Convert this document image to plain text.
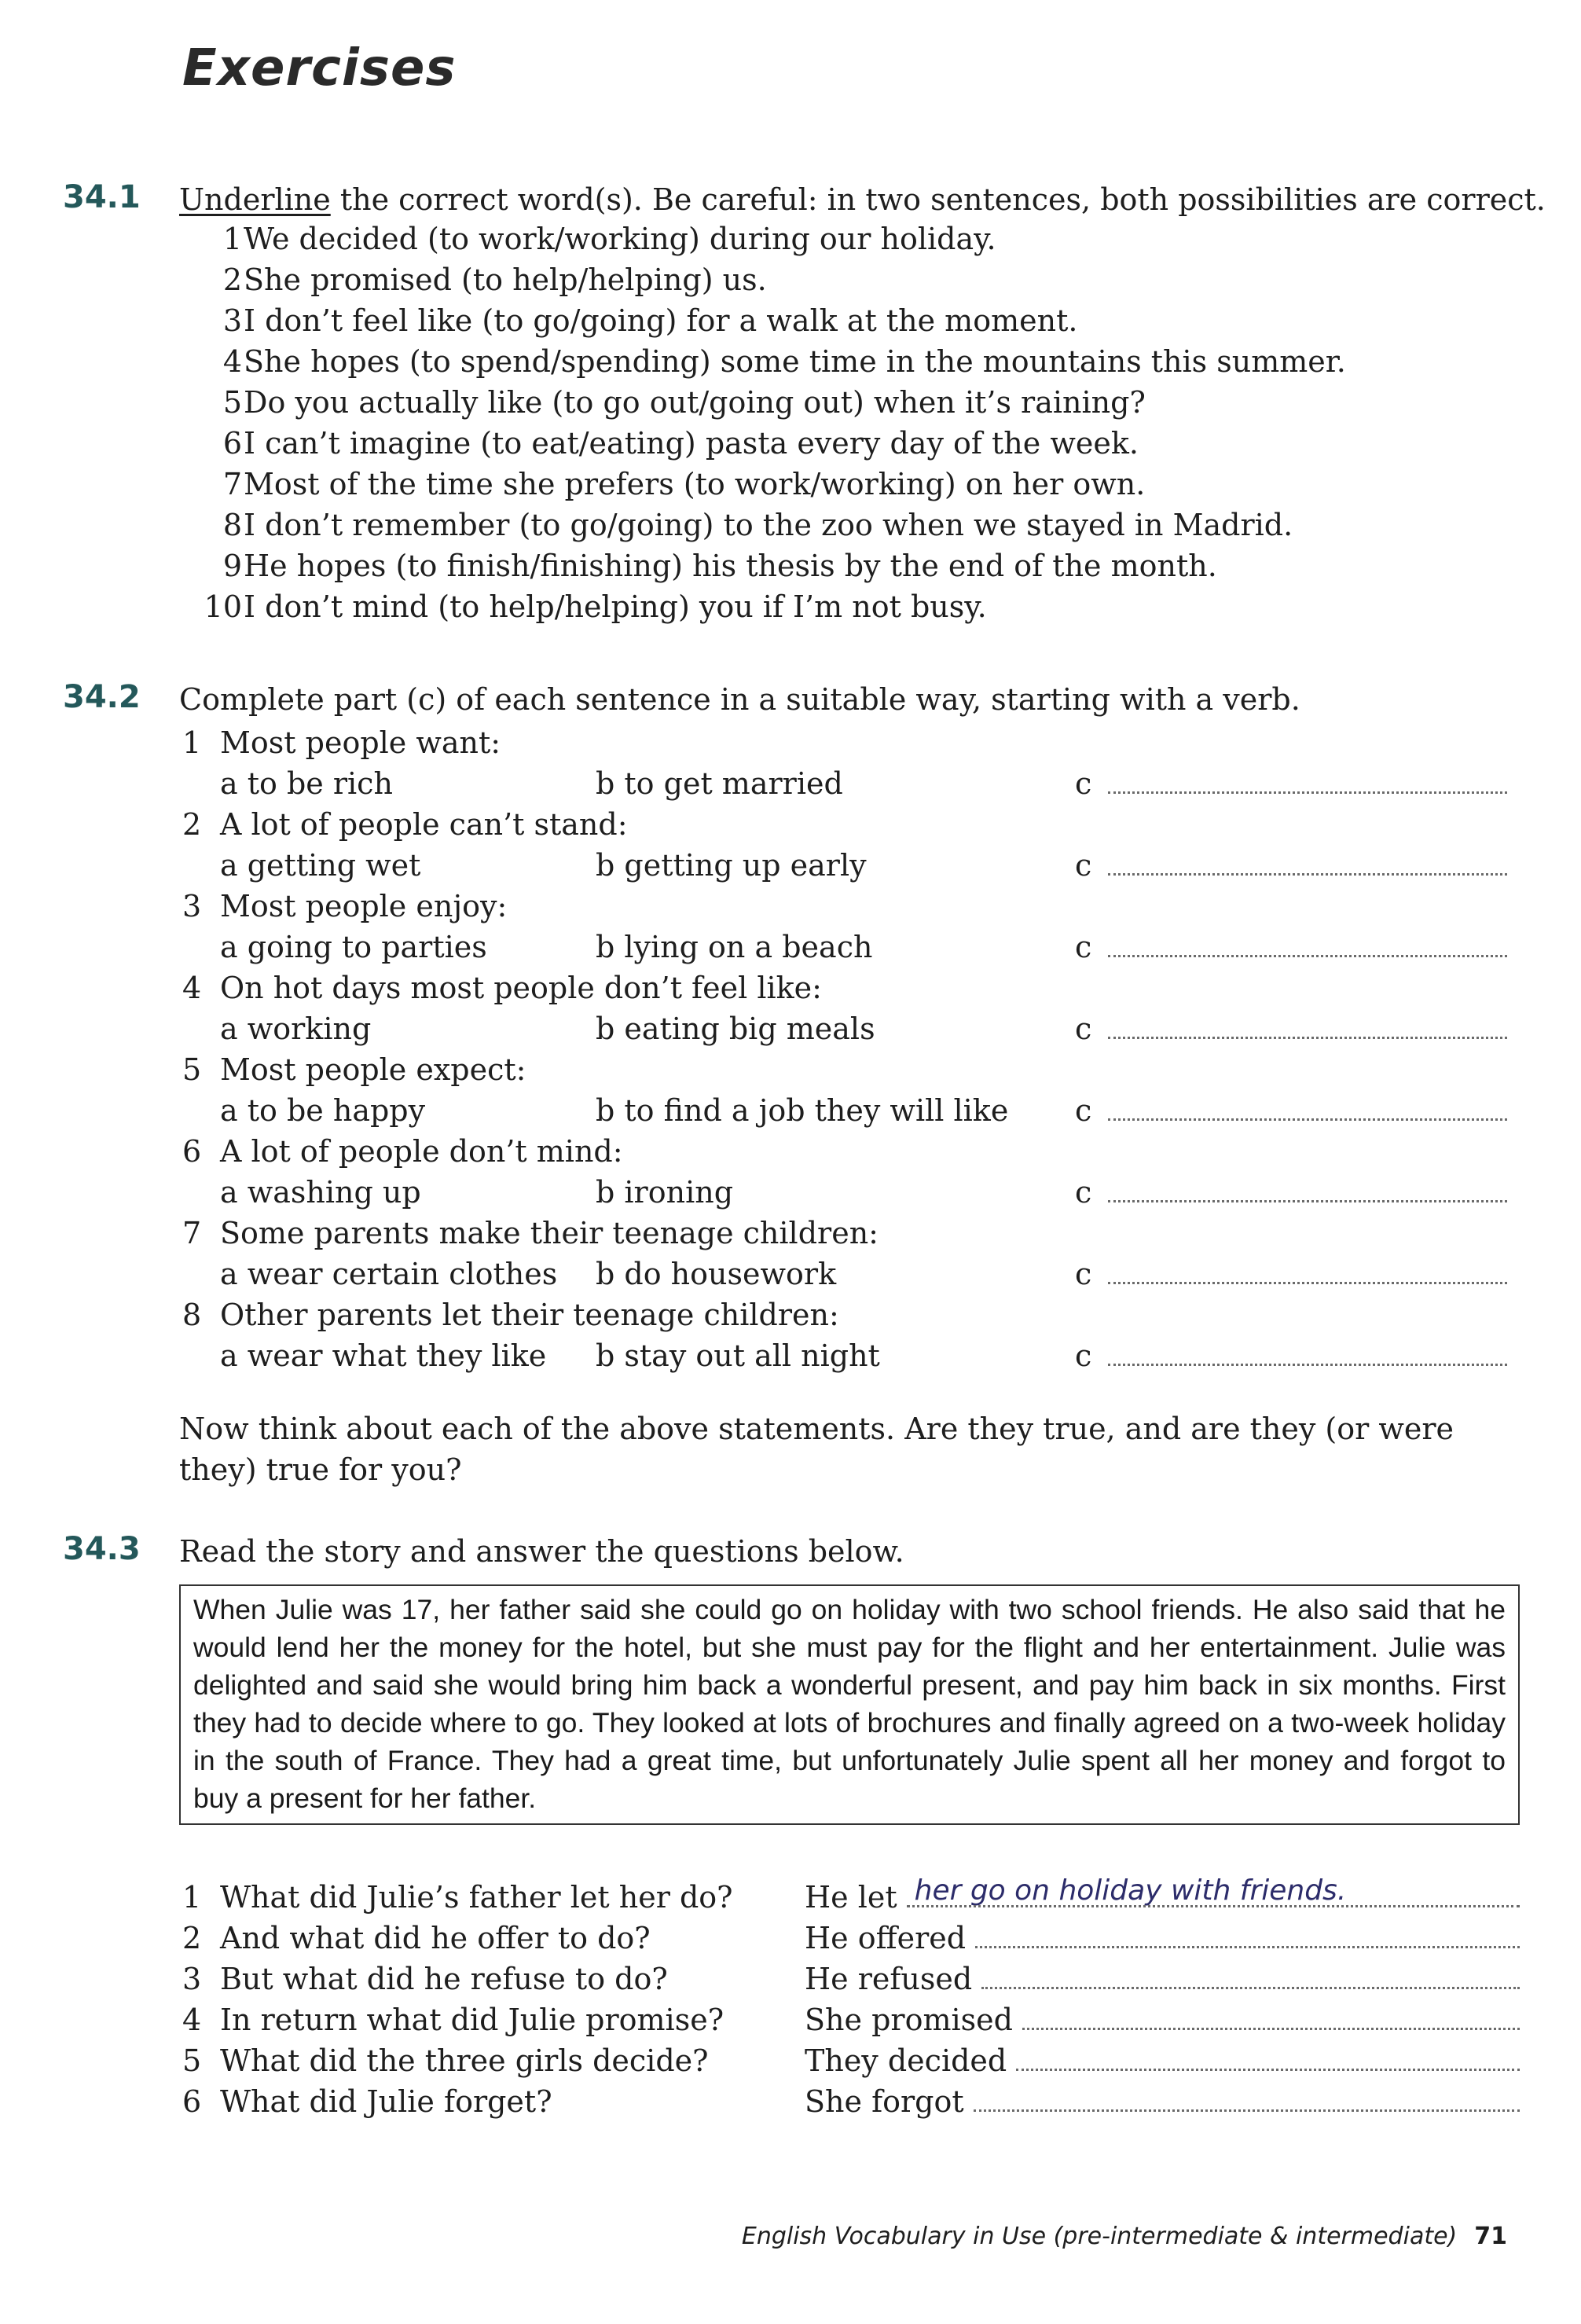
Exercises
34.1 Underline the correct word(s). Be careful: in two sentences, both possibilities are correct.
1 We decided (to work/working) during our holiday.
2 She promised (to help/helping) us.
3 I don’t feel like (to go/going) for a walk at the moment.
4 She hopes (to spend/spending) some time in the mountains this summer.
5 Do you actually like (to go out/going out) when it’s raining?
6 I can’t imagine (to eat/eating) pasta every day of the week.
7 Most of the time she prefers (to work/working) on her own.
8 I don’t remember (to go/going) to the zoo when we stayed in Madrid.
9 He hopes (to finish/finishing) his thesis by the end of the month.
10 I don’t mind (to help/helping) you if I’m not busy.
34.2 Complete part (c) of each sentence in a suitable way, starting with a verb.
1 Most people want:
a to be rich	b to get married	c
2 A lot of people can’t stand:
a getting wet	b getting up early	c
3 Most people enjoy:
a going to parties	b lying on a beach	c
4 On hot days most people don’t feel like:
a working	b eating big meals	c
5 Most people expect:
a to be happy	b to find a job they will like c
6 A lot of people don’t mind:
a washing up	b ironing	c
7 Some parents make their teenage children:
a wear certain clothes b do housework	c
8 Other parents let their teenage children:
a wear what they like b stay out all night	c
Now think about each of the above statements. Are they true, and are they (or were they) true for you?
34.3 Read the story and answer the questions below.
When Julie was 17, her father said she could go on holiday with two school friends. He also said that he would lend her the money for the hotel, but she must pay for the flight and her entertainment. Julie was delighted and said she would bring him back a wonderful present, and pay him back in six months. First they had to decide where to go. They looked at lots of brochures and finally agreed on a two-week holiday in the south of France. They had a great time, but unfortunately Julie spent all her money and forgot to buy a present for her father.
1 What did Julie’s father let her do? He let her go on holiday with friends.
2 And what did he offer to do?	He offered
3 But what did he refuse to do?	He refused
4 In return what did Julie promise?	She promised
5 What did the three girls decide?	They decided
6 What did Julie forget?	She forgot
English Vocabulary in Use (pre-intermediate & intermediate) 71
